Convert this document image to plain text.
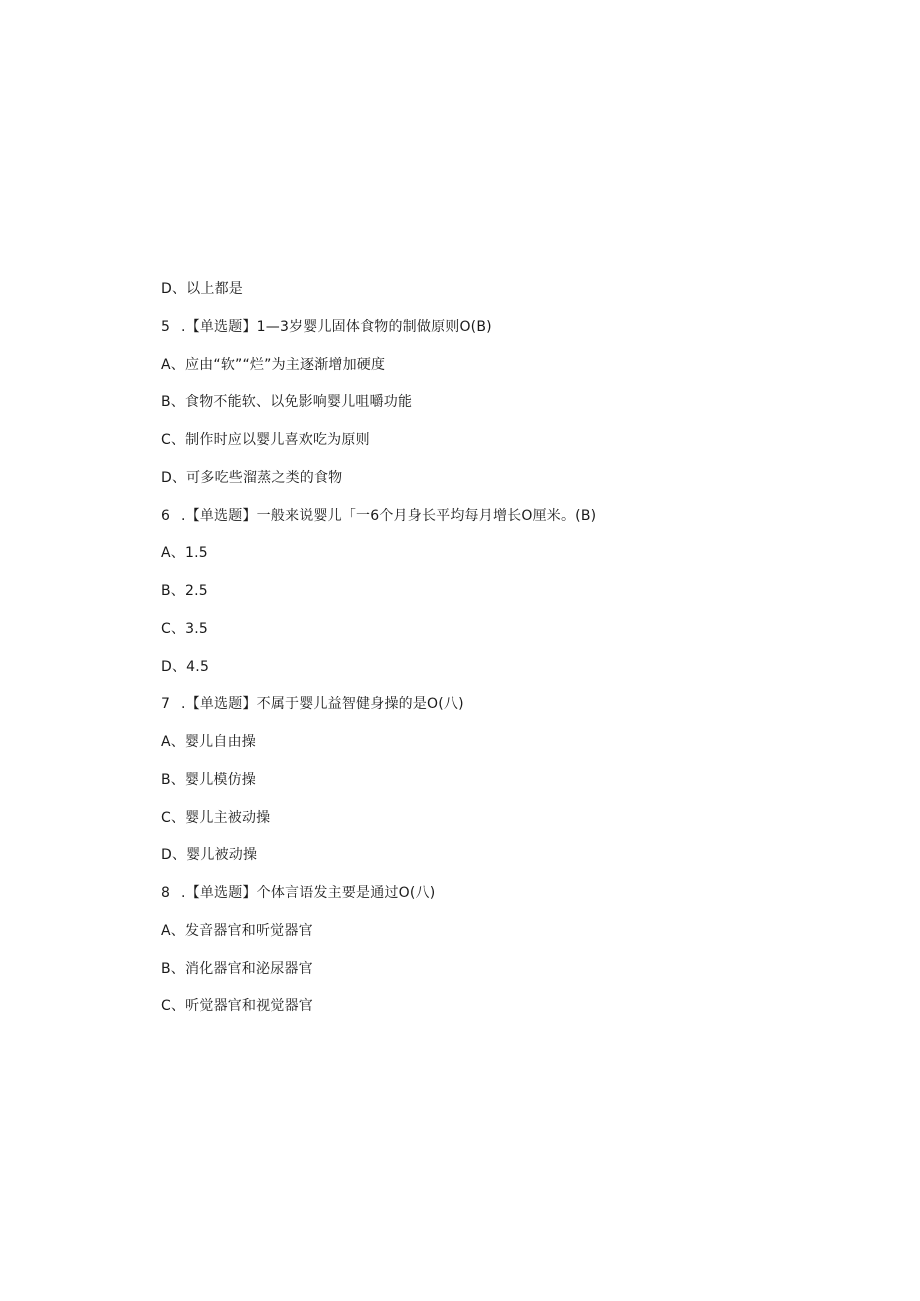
D、以上都是
5 .【单选题】1—3岁婴儿固体食物的制做原则O(B)
A、应由“软”“烂”为主逐渐增加硬度
B、食物不能软、以免影响婴儿咀嚼功能
C、制作时应以婴儿喜欢吃为原则
D、可多吃些溜蒸之类的食物
6 .【单选题】一般来说婴儿「一6个月身长平均每月增长O厘米。(B)
A、1.5
B、2.5
C、3.5
D、4.5
7 .【单选题】不属于婴儿益智健身操的是O(八)
A、婴儿自由操
B、婴儿模仿操
C、婴儿主被动操
D、婴儿被动操
8 .【单选题】个体言语发主要是通过O(八)
A、发音器官和听觉器官
B、消化器官和泌尿器官
C、听觉器官和视觉器官
